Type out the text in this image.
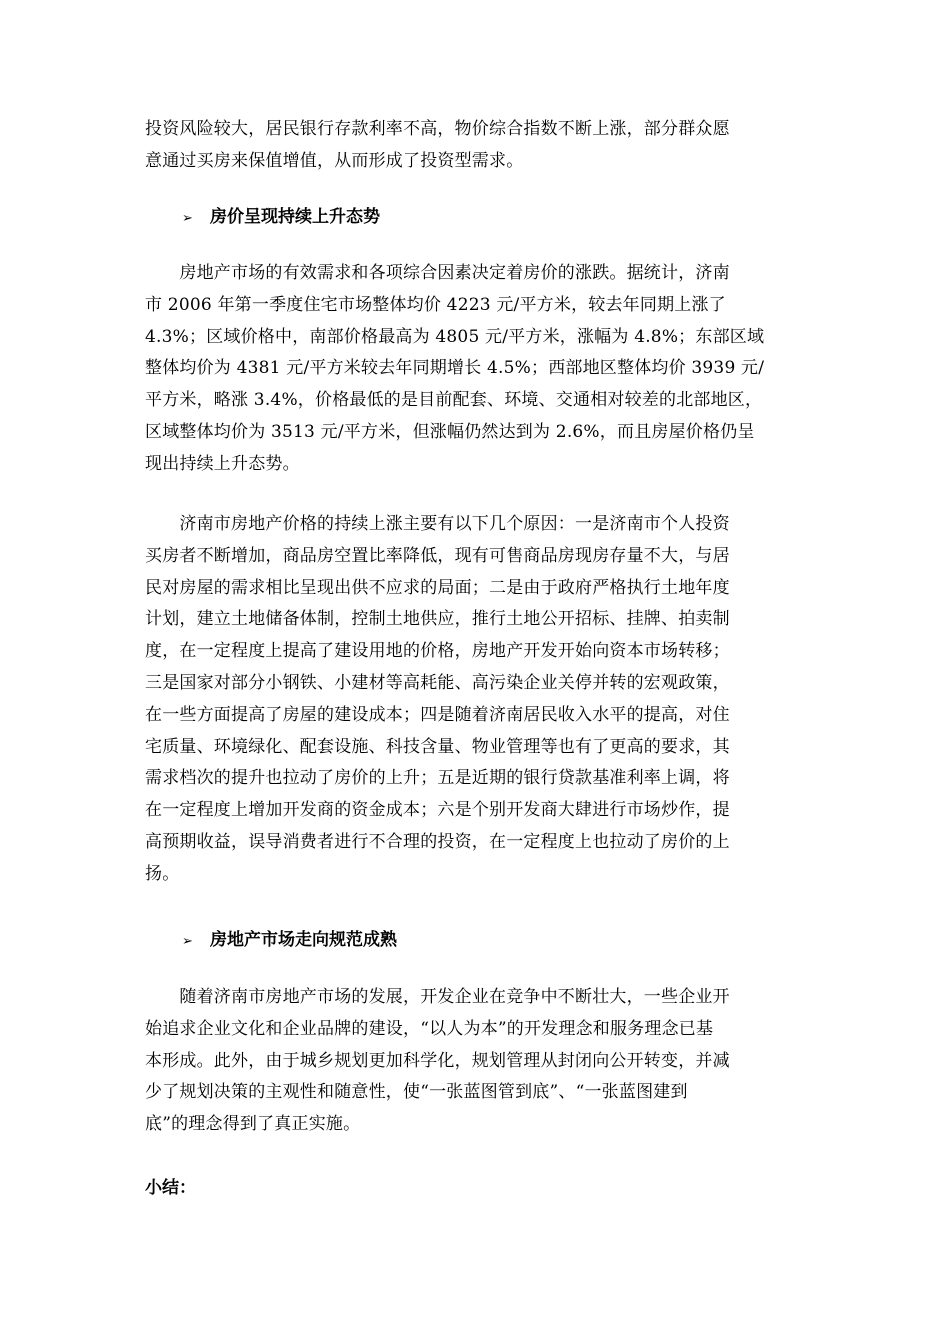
投资风险较大，居民银行存款利率不高，物价综合指数不断上涨，部分群众愿
意通过买房来保值增值，从而形成了投资型需求。

➢ 房价呈现持续上升态势

　　房地产市场的有效需求和各项综合因素决定着房价的涨跌。据统计，济南
市 2006 年第一季度住宅市场整体均价 4223 元/平方米，较去年同期上涨了
4.3%；区域价格中，南部价格最高为 4805 元/平方米，涨幅为 4.8%；东部区域
整体均价为 4381 元/平方米较去年同期增长 4.5%；西部地区整体均价 3939 元/
平方米，略涨 3.4%，价格最低的是目前配套、环境、交通相对较差的北部地区，
区域整体均价为 3513 元/平方米，但涨幅仍然达到为 2.6%，而且房屋价格仍呈
现出持续上升态势。

　　济南市房地产价格的持续上涨主要有以下几个原因：一是济南市个人投资
买房者不断增加，商品房空置比率降低，现有可售商品房现房存量不大，与居
民对房屋的需求相比呈现出供不应求的局面；二是由于政府严格执行土地年度
计划，建立土地储备体制，控制土地供应，推行土地公开招标、挂牌、拍卖制
度，在一定程度上提高了建设用地的价格，房地产开发开始向资本市场转移；
三是国家对部分小钢铁、小建材等高耗能、高污染企业关停并转的宏观政策，
在一些方面提高了房屋的建设成本；四是随着济南居民收入水平的提高，对住
宅质量、环境绿化、配套设施、科技含量、物业管理等也有了更高的要求，其
需求档次的提升也拉动了房价的上升；五是近期的银行贷款基准利率上调，将
在一定程度上增加开发商的资金成本；六是个别开发商大肆进行市场炒作，提
高预期收益，误导消费者进行不合理的投资，在一定程度上也拉动了房价的上
扬。

➢ 房地产市场走向规范成熟

　　随着济南市房地产市场的发展，开发企业在竞争中不断壮大，一些企业开
始追求企业文化和企业品牌的建设，“以人为本”的开发理念和服务理念已基
本形成。此外，由于城乡规划更加科学化，规划管理从封闭向公开转变，并减
少了规划决策的主观性和随意性，使“一张蓝图管到底”、“一张蓝图建到
底”的理念得到了真正实施。

小结：
